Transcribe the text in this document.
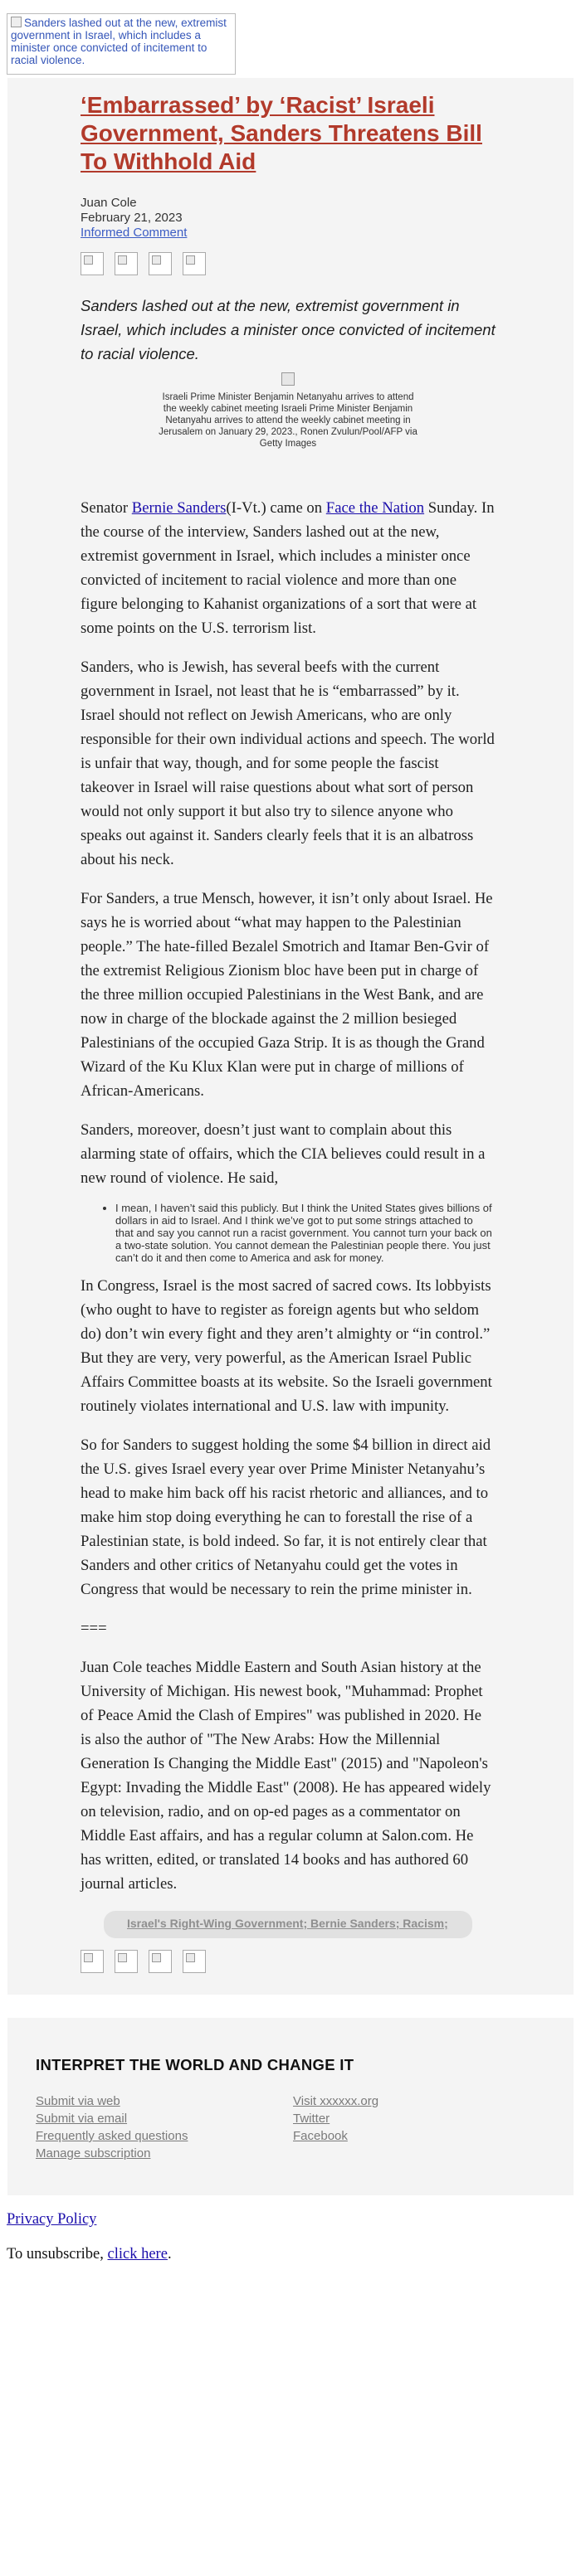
Sanders lashed out at the new, extremist government in Israel, which includes a minister once convicted of incitement to racial violence.
‘Embarrassed’ by ‘Racist’ Israeli Government, Sanders Threatens Bill To Withhold Aid
Juan Cole
February 21, 2023
Informed Comment
Sanders lashed out at the new, extremist government in Israel, which includes a minister once convicted of incitement to racial violence.
Israeli Prime Minister Benjamin Netanyahu arrives to attend the weekly cabinet meeting Israeli Prime Minister Benjamin Netanyahu arrives to attend the weekly cabinet meeting in Jerusalem on January 29, 2023., Ronen Zvulun/Pool/AFP via Getty Images

Senator Bernie Sanders(I-Vt.) came on Face the Nation Sunday. In the course of the interview, Sanders lashed out at the new, extremist government in Israel, which includes a minister once convicted of incitement to racial violence and more than one figure belonging to Kahanist organizations of a sort that were at some points on the U.S. terrorism list.

Sanders, who is Jewish, has several beefs with the current government in Israel, not least that he is “embarrassed” by it. Israel should not reflect on Jewish Americans, who are only responsible for their own individual actions and speech. The world is unfair that way, though, and for some people the fascist takeover in Israel will raise questions about what sort of person would not only support it but also try to silence anyone who speaks out against it. Sanders clearly feels that it is an albatross about his neck.

For Sanders, a true Mensch, however, it isn’t only about Israel. He says he is worried about “what may happen to the Palestinian people.” The hate-filled Bezalel Smotrich and Itamar Ben-Gvir of the extremist Religious Zionism bloc have been put in charge of the three million occupied Palestinians in the West Bank, and are now in charge of the blockade against the 2 million besieged Palestinians of the occupied Gaza Strip. It is as though the Grand Wizard of the Ku Klux Klan were put in charge of millions of African-Americans.

Sanders, moreover, doesn’t just want to complain about this alarming state of offairs, which the CIA believes could result in a new round of violence. He said,

• I mean, I haven’t said this publicly. But I think the United States gives billions of dollars in aid to Israel. And I think we’ve got to put some strings attached to that and say you cannot run a racist government. You cannot turn your back on a two-state solution. You cannot demean the Palestinian people there. You just can’t do it and then come to America and ask for money.

In Congress, Israel is the most sacred of sacred cows. Its lobbyists (who ought to have to register as foreign agents but who seldom do) don’t win every fight and they aren’t almighty or “in control.” But they are very, very powerful, as the American Israel Public Affairs Committee boasts at its website. So the Israeli government routinely violates international and U.S. law with impunity.

So for Sanders to suggest holding the some $4 billion in direct aid the U.S. gives Israel every year over Prime Minister Netanyahu’s head to make him back off his racist rhetoric and alliances, and to make him stop doing everything he can to forestall the rise of a Palestinian state, is bold indeed. So far, it is not entirely clear that Sanders and other critics of Netanyahu could get the votes in Congress that would be necessary to rein the prime minister in.

===

Juan Cole teaches Middle Eastern and South Asian history at the University of Michigan. His newest book, "Muhammad: Prophet of Peace Amid the Clash of Empires" was published in 2020. He is also the author of "The New Arabs: How the Millennial Generation Is Changing the Middle East" (2015) and "Napoleon's Egypt: Invading the Middle East" (2008). He has appeared widely on television, radio, and on op-ed pages as a commentator on Middle East affairs, and has a regular column at Salon.com. He has written, edited, or translated 14 books and has authored 60 journal articles.

Israel's Right-Wing Government; Bernie Sanders; Racism;
INTERPRET THE WORLD AND CHANGE IT
Submit via web
Submit via email
Frequently asked questions
Manage subscription
Visit xxxxxx.org
Twitter
Facebook
Privacy Policy
To unsubscribe, click here.
